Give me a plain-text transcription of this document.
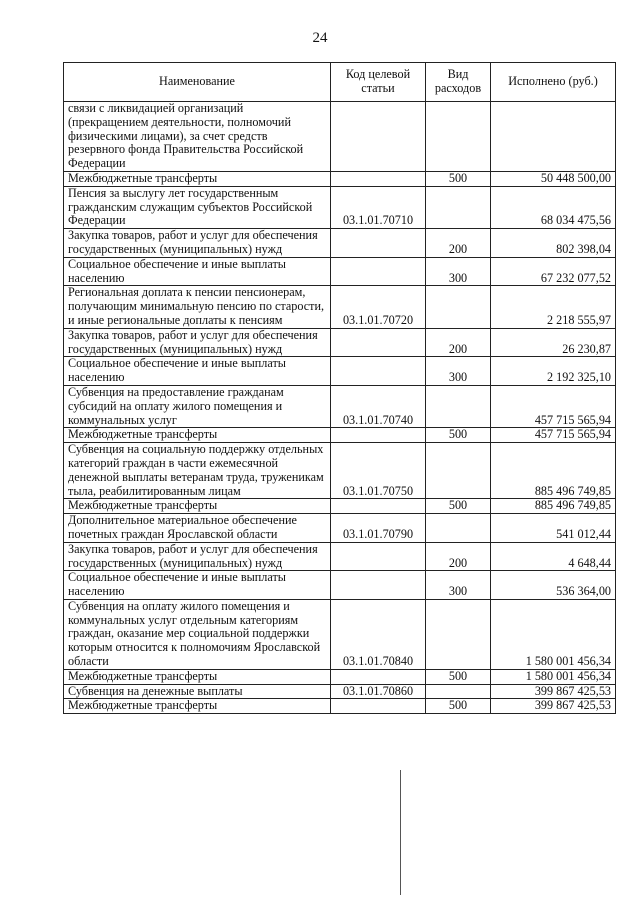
24
Наименование	Код целевой статьи	Вид расходов	Исполнено (руб.)
связи с ликвидацией организаций (прекращением деятельности, полномочий физическими лицами), за счет средств резервного фонда Правительства Российской Федерации			
Межбюджетные трансферты		500	50 448 500,00
Пенсия за выслугу лет государственным гражданским служащим субъектов Российской Федерации	03.1.01.70710		68 034 475,56
Закупка товаров, работ и услуг для обеспечения государственных (муниципальных) нужд		200	802 398,04
Социальное обеспечение и иные выплаты населению		300	67 232 077,52
Региональная доплата к пенсии пенсионерам, получающим минимальную пенсию по старости, и иные региональные доплаты к пенсиям	03.1.01.70720		2 218 555,97
Закупка товаров, работ и услуг для обеспечения государственных (муниципальных) нужд		200	26 230,87
Социальное обеспечение и иные выплаты населению		300	2 192 325,10
Субвенция на предоставление гражданам субсидий на оплату жилого помещения и коммунальных услуг	03.1.01.70740		457 715 565,94
Межбюджетные трансферты		500	457 715 565,94
Субвенция на социальную поддержку отдельных категорий граждан в части ежемесячной денежной выплаты ветеранам труда, труженикам тыла, реабилитированным лицам	03.1.01.70750		885 496 749,85
Межбюджетные трансферты		500	885 496 749,85
Дополнительное материальное обеспечение почетных граждан Ярославской области	03.1.01.70790		541 012,44
Закупка товаров, работ и услуг для обеспечения государственных (муниципальных) нужд		200	4 648,44
Социальное обеспечение и иные выплаты населению		300	536 364,00
Субвенция на оплату жилого помещения и коммунальных услуг отдельным категориям граждан, оказание мер социальной поддержки которым относится к полномочиям Ярославской области	03.1.01.70840		1 580 001 456,34
Межбюджетные трансферты		500	1 580 001 456,34
Субвенция на денежные выплаты	03.1.01.70860		399 867 425,53
Межбюджетные трансферты		500	399 867 425,53
